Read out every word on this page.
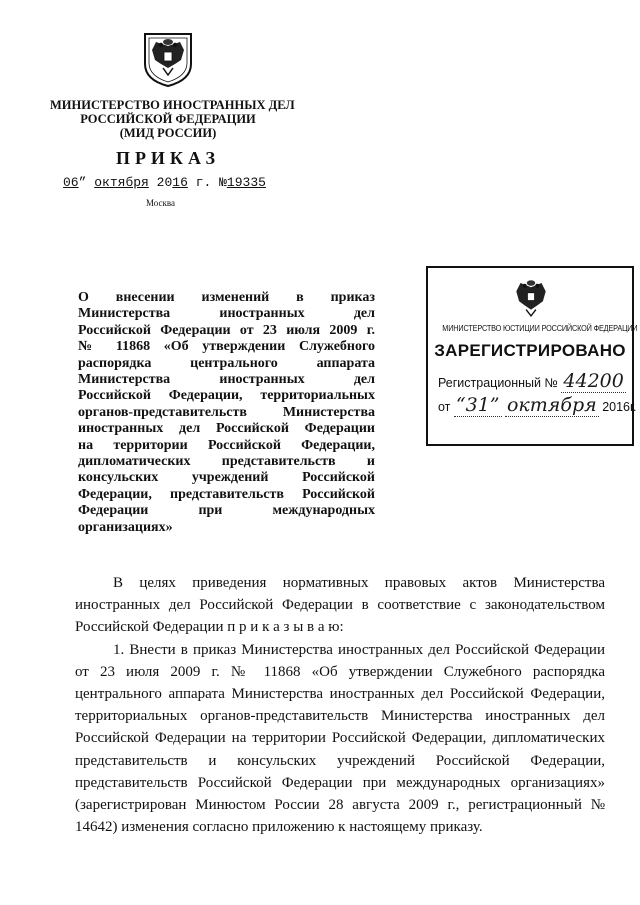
МИНИСТЕРСТВО ИНОСТРАННЫХ ДЕЛ
РОССИЙСКОЙ ФЕДЕРАЦИИ
(МИД РОССИИ)
ПРИКАЗ
06” октября 2016 г. №19335
Москва
О внесении изменений в приказ
Министерства иностранных дел
Российской Федерации от 23 июля 2009 г.
№ 11868 «Об утверждении Служебного
распорядка центрального аппарата
Министерства иностранных дел
Российской Федерации, территориальных
органов-представительств Министерства
иностранных дел Российской Федерации
на территории Российской Федерации,
дипломатических представительств и
консульских учреждений Российской
Федерации, представительств Российской
Федерации при международных
организациях»
МИНИСТЕРСТВО ЮСТИЦИИ РОССИЙСКОЙ ФЕДЕРАЦИИ
ЗАРЕГИСТРИРОВАНО
Регистрационный № 44200
от “31” октября 2016г.

В целях приведения нормативных правовых актов Министерства иностранных дел Российской Федерации в соответствие с законодательством Российской Федерации п р и к а з ы в а ю:

1. Внести в приказ Министерства иностранных дел Российской Федерации от 23 июля 2009 г. № 11868 «Об утверждении Служебного распорядка центрального аппарата Министерства иностранных дел Российской Федерации, территориальных органов-представительств Министерства иностранных дел Российской Федерации на территории Российской Федерации, дипломатических представительств и консульских учреждений Российской Федерации, представительств Российской Федерации при международных организациях» (зарегистрирован Минюстом России 28 августа 2009 г., регистрационный № 14642) изменения согласно приложению к настоящему приказу.
